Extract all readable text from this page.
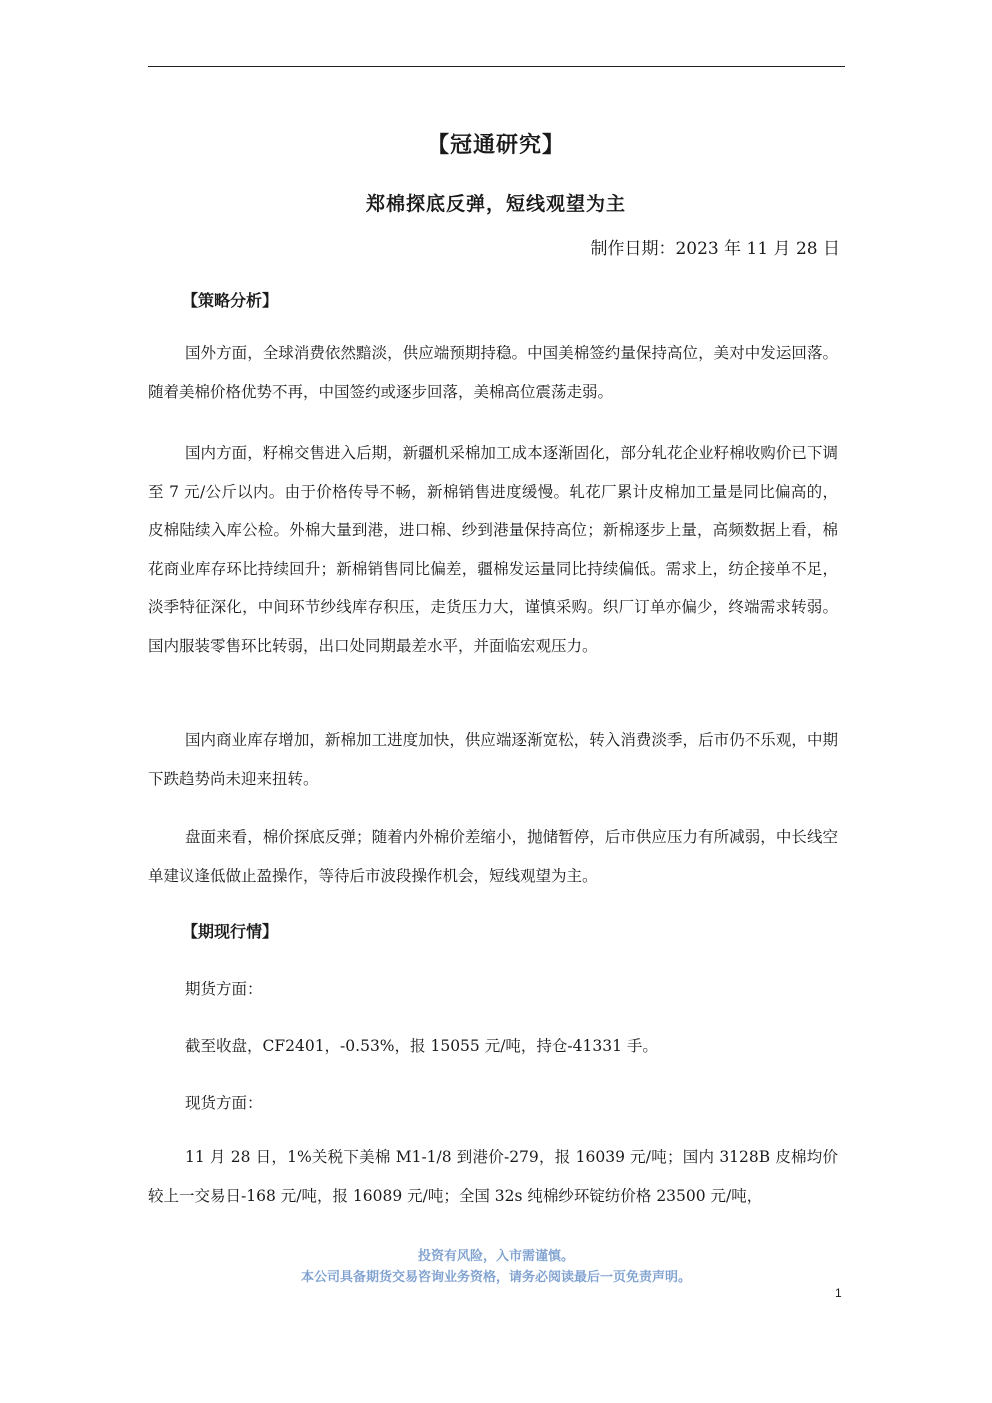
【冠通研究】
郑棉探底反弹，短线观望为主
制作日期：2023 年 11 月 28 日
【策略分析】

国外方面，全球消费依然黯淡，供应端预期持稳。中国美棉签约量保持高位，美对中发运回落。随着美棉价格优势不再，中国签约或逐步回落，美棉高位震荡走弱。

国内方面，籽棉交售进入后期，新疆机采棉加工成本逐渐固化，部分轧花企业籽棉收购价已下调至 7 元/公斤以内。由于价格传导不畅，新棉销售进度缓慢。轧花厂累计皮棉加工量是同比偏高的，皮棉陆续入库公检。外棉大量到港，进口棉、纱到港量保持高位；新棉逐步上量，高频数据上看，棉花商业库存环比持续回升；新棉销售同比偏差，疆棉发运量同比持续偏低。需求上，纺企接单不足，淡季特征深化，中间环节纱线库存积压，走货压力大，谨慎采购。织厂订单亦偏少，终端需求转弱。国内服装零售环比转弱，出口处同期最差水平，并面临宏观压力。

国内商业库存增加，新棉加工进度加快，供应端逐渐宽松，转入消费淡季，后市仍不乐观，中期下跌趋势尚未迎来扭转。

盘面来看，棉价探底反弹；随着内外棉价差缩小，抛储暂停，后市供应压力有所减弱，中长线空单建议逢低做止盈操作，等待后市波段操作机会，短线观望为主。

【期现行情】
期货方面：
截至收盘，CF2401，-0.53%，报 15055 元/吨，持仓-41331 手。
现货方面：

11 月 28 日，1%关税下美棉 M1-1/8 到港价-279，报 16039 元/吨；国内 3128B 皮棉均价较上一交易日-168 元/吨，报 16089 元/吨；全国 32s 纯棉纱环锭纺价格 23500 元/吨，

投资有风险，入市需谨慎。
本公司具备期货交易咨询业务资格，请务必阅读最后一页免责声明。
1
